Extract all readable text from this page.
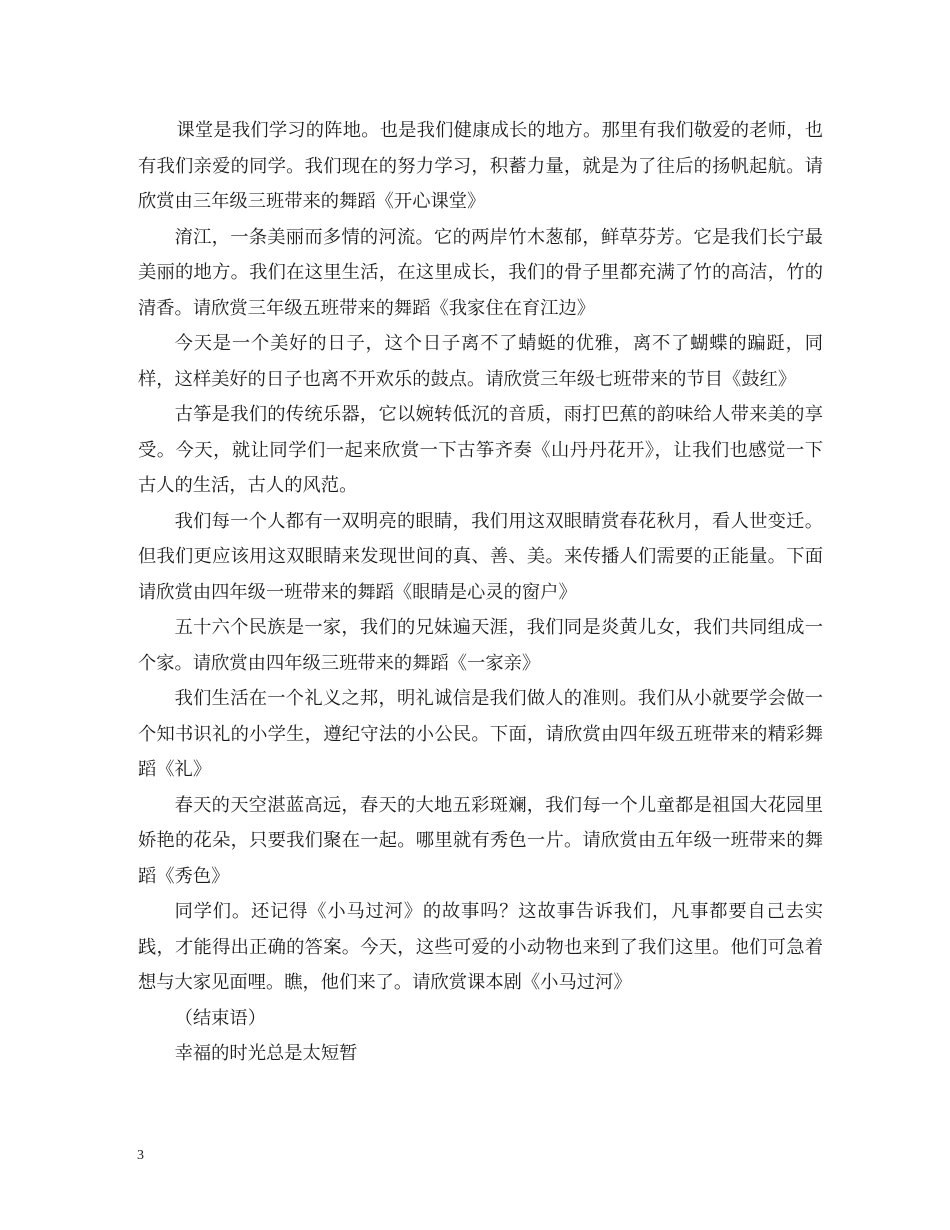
课堂是我们学习的阵地。也是我们健康成长的地方。那里有我们敬爱的老师，也有我们亲爱的同学。我们现在的努力学习，积蓄力量，就是为了往后的扬帆起航。请欣赏由三年级三班带来的舞蹈《开心课堂》

淯江，一条美丽而多情的河流。它的两岸竹木葱郁，鲜草芬芳。它是我们长宁最美丽的地方。我们在这里生活，在这里成长，我们的骨子里都充满了竹的高洁，竹的清香。请欣赏三年级五班带来的舞蹈《我家住在育江边》

今天是一个美好的日子，这个日子离不了蜻蜓的优雅，离不了蝴蝶的蹁跹，同样，这样美好的日子也离不开欢乐的鼓点。请欣赏三年级七班带来的节目《鼓红》

古筝是我们的传统乐器，它以婉转低沉的音质，雨打巴蕉的韵味给人带来美的享受。今天，就让同学们一起来欣赏一下古筝齐奏《山丹丹花开》，让我们也感觉一下古人的生活，古人的风范。

我们每一个人都有一双明亮的眼睛，我们用这双眼睛赏春花秋月，看人世变迁。但我们更应该用这双眼睛来发现世间的真、善、美。来传播人们需要的正能量。下面请欣赏由四年级一班带来的舞蹈《眼睛是心灵的窗户》

五十六个民族是一家，我们的兄妹遍天涯，我们同是炎黄儿女，我们共同组成一个家。请欣赏由四年级三班带来的舞蹈《一家亲》

我们生活在一个礼义之邦，明礼诚信是我们做人的准则。我们从小就要学会做一个知书识礼的小学生，遵纪守法的小公民。下面，请欣赏由四年级五班带来的精彩舞蹈《礼》

春天的天空湛蓝高远，春天的大地五彩斑斓，我们每一个儿童都是祖国大花园里娇艳的花朵，只要我们聚在一起。哪里就有秀色一片。请欣赏由五年级一班带来的舞蹈《秀色》

同学们。还记得《小马过河》的故事吗？这故事告诉我们，凡事都要自己去实践，才能得出正确的答案。今天，这些可爱的小动物也来到了我们这里。他们可急着想与大家见面哩。瞧，他们来了。请欣赏课本剧《小马过河》

（结束语）

幸福的时光总是太短暂

3
